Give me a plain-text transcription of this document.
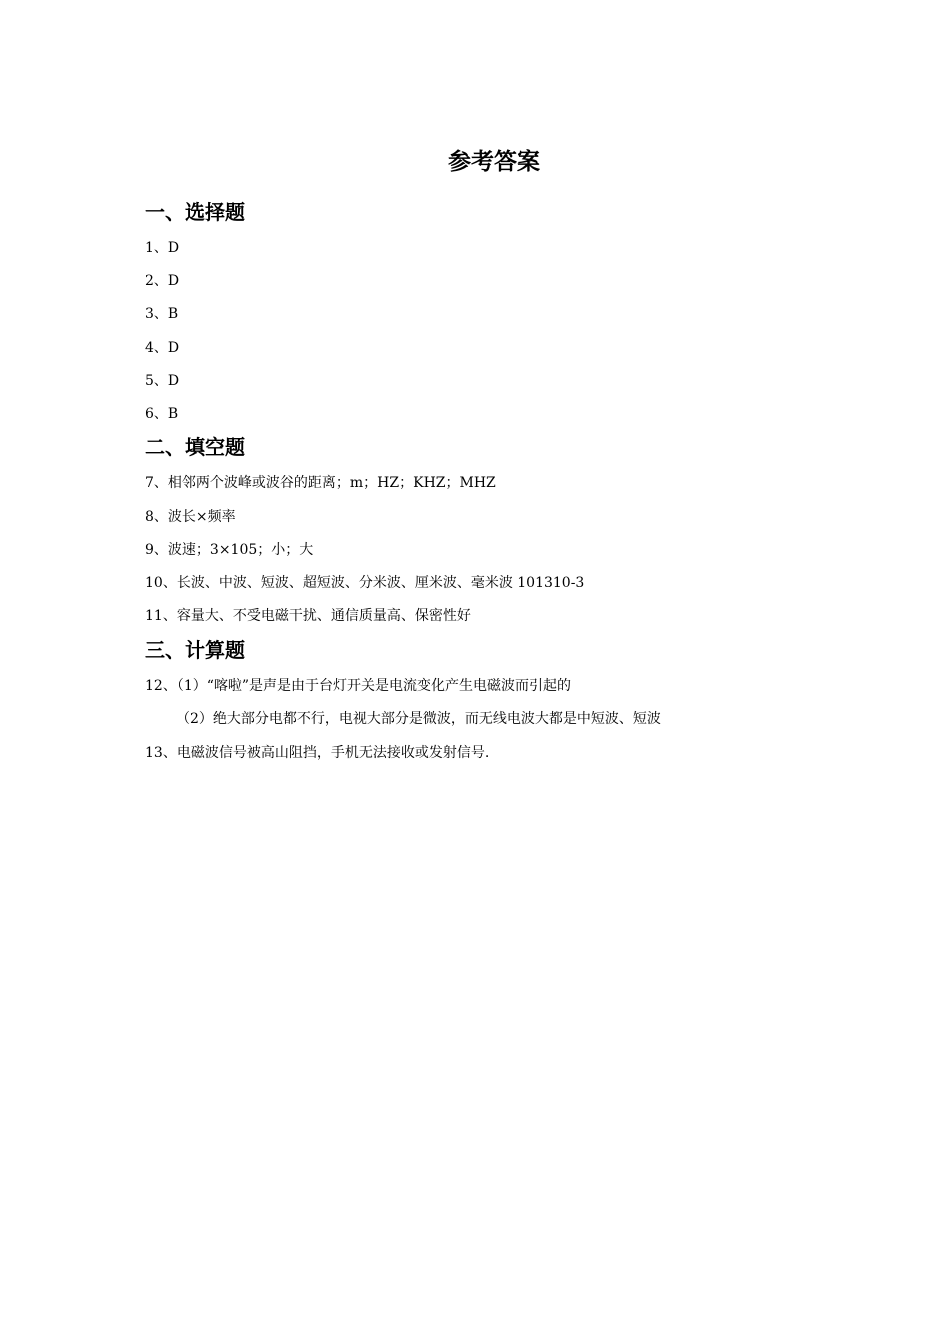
参考答案
一、选择题
1、D
2、D
3、B
4、D
5、D
6、B
二、填空题
7、相邻两个波峰或波谷的距离；m；HZ；KHZ；MHZ
8、波长×频率
9、波速；3×105；小；大
10、长波、中波、短波、超短波、分米波、厘米波、毫米波 101310-3
11、容量大、不受电磁干扰、通信质量高、保密性好
三、计算题
12、（1）“喀啦”是声是由于台灯开关是电流变化产生电磁波而引起的
（2）绝大部分电都不行，电视大部分是微波，而无线电波大都是中短波、短波
13、电磁波信号被高山阻挡，手机无法接收或发射信号.
